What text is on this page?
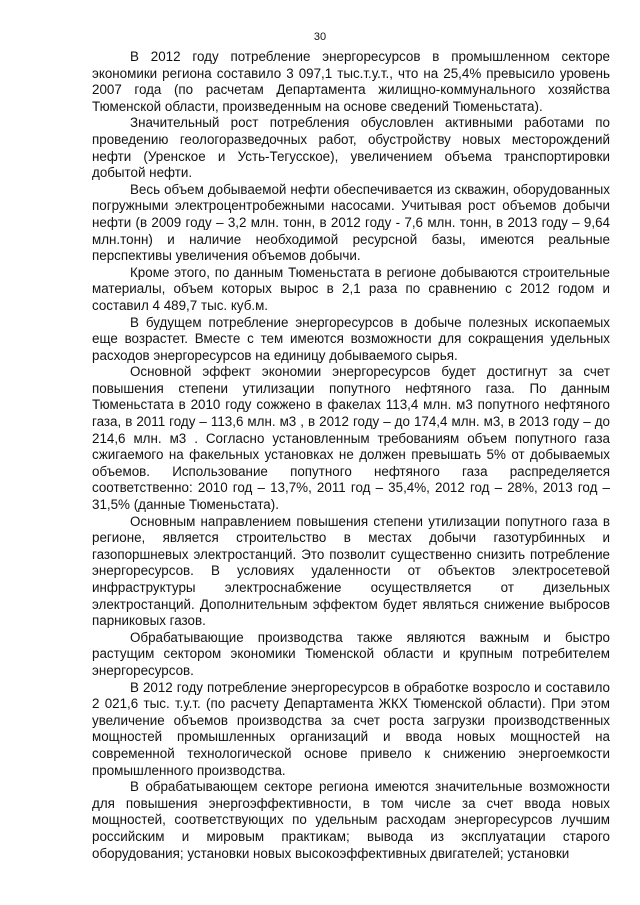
30

В 2012 году потребление энергоресурсов в промышленном секторе экономики региона составило 3 097,1 тыс.т.у.т., что на 25,4% превысило уровень 2007 года (по расчетам Департамента жилищно-коммунального хозяйства Тюменской области, произведенным на основе сведений Тюменьстата).

Значительный рост потребления обусловлен активными работами по проведению геологоразведочных работ, обустройству новых месторождений нефти (Уренское и Усть-Тегусское), увеличением объема транспортировки добытой нефти.

Весь объем добываемой нефти обеспечивается из скважин, оборудованных погружными электроцентробежными насосами. Учитывая рост объемов добычи нефти (в 2009 году – 3,2 млн. тонн, в 2012 году - 7,6 млн. тонн, в 2013 году – 9,64 млн.тонн) и наличие необходимой ресурсной базы, имеются реальные перспективы увеличения объемов добычи.

Кроме этого, по данным Тюменьстата в регионе добываются строительные материалы, объем которых вырос в 2,1 раза по сравнению с 2012 годом и составил 4 489,7 тыс. куб.м.

В будущем потребление энергоресурсов в добыче полезных ископаемых еще возрастет. Вместе с тем имеются возможности для сокращения удельных расходов энергоресурсов на единицу добываемого сырья.

Основной эффект экономии энергоресурсов будет достигнут за счет повышения степени утилизации попутного нефтяного газа. По данным Тюменьстата в 2010 году сожжено в факелах 113,4 млн. м3 попутного нефтяного газа, в 2011 году – 113,6 млн. м3 , в 2012 году – до 174,4 млн. м3, в 2013 году – до 214,6 млн. м3 . Согласно установленным требованиям объем попутного газа сжигаемого на факельных установках не должен превышать 5% от добываемых объемов. Использование попутного нефтяного газа распределяется соответственно: 2010 год – 13,7%, 2011 год – 35,4%, 2012 год – 28%, 2013 год – 31,5% (данные Тюменьстата).

Основным направлением повышения степени утилизации попутного газа в регионе, является строительство в местах добычи газотурбинных и газопоршневых электростанций. Это позволит существенно снизить потребление энергоресурсов. В условиях удаленности от объектов электросетевой инфраструктуры электроснабжение осуществляется от дизельных электростанций. Дополнительным эффектом будет являться снижение выбросов парниковых газов.

Обрабатывающие производства также являются важным и быстро растущим сектором экономики Тюменской области и крупным потребителем энергоресурсов.

В 2012 году потребление энергоресурсов в обработке возросло и составило 2 021,6 тыс. т.у.т. (по расчету Департамента ЖКХ Тюменской области). При этом увеличение объемов производства за счет роста загрузки производственных мощностей промышленных организаций и ввода новых мощностей на современной технологической основе привело к снижению энергоемкости промышленного производства.

В обрабатывающем секторе региона имеются значительные возможности для повышения энергоэффективности, в том числе за счет ввода новых мощностей, соответствующих по удельным расходам энергоресурсов лучшим российским и мировым практикам; вывода из эксплуатации старого оборудования; установки новых высокоэффективных двигателей; установки
